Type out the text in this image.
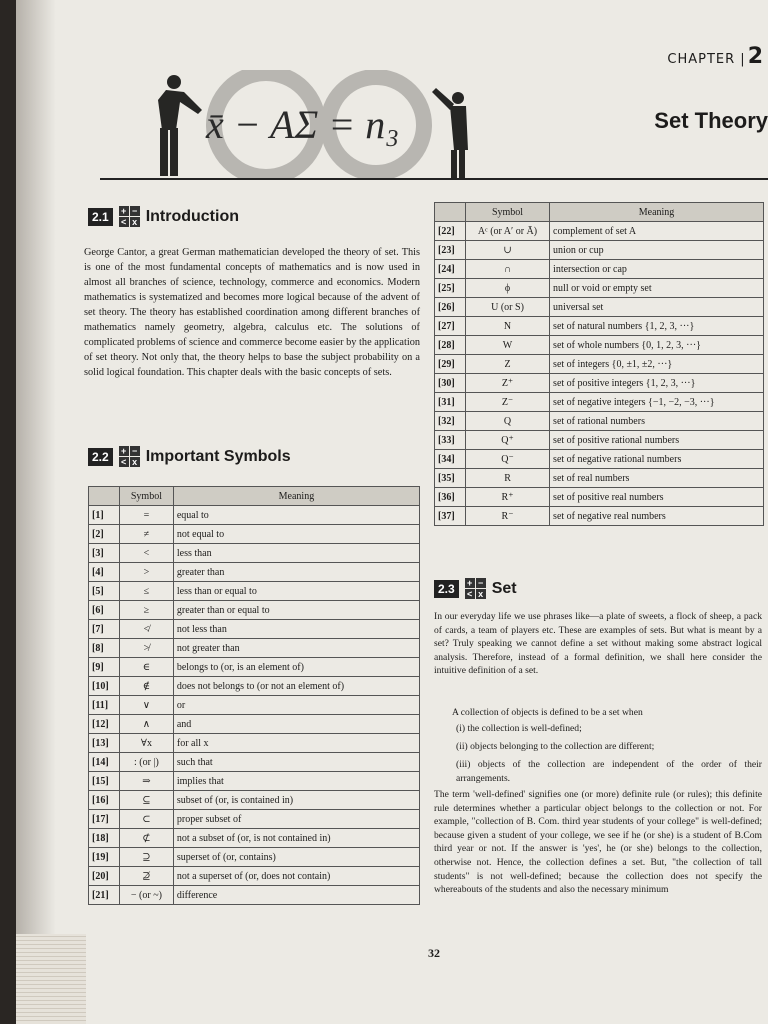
CHAPTER |2
Set Theory
x̄ − AΣ = n₃
2.1	+ −
< x Introduction
George Cantor, a great German mathematician developed the theory of set. This is one of the most fundamental concepts of mathematics and is now used in almost all branches of science, technology, commerce and economics. Modern mathematics is systematized and becomes more logical because of the advent of set theory. The theory has established coordination among different branches of mathematics namely geometry, algebra, calculus etc. The solutions of complicated problems of science and commerce become easier by the application of set theory. Not only that, the theory helps to base the subject probability on a solid logical foundation. This chapter deals with the basic concepts of sets.
2.2	+ −
< x Important Symbols
	Symbol	Meaning
[1]	=	equal to
[2]	≠	not equal to
[3]	<	less than
[4]	>	greater than
[5]	≤	less than or equal to
[6]	≥	greater than or equal to
[7]	≮	not less than
[8]	≯	not greater than
[9]	∈	belongs to (or, is an element of)
[10]	∉	does not belongs to (or not an element of)
[11]	∨	or
[12]	∧	and
[13]	∀x	for all x
[14]	: (or |)	such that
[15]	⇒	implies that
[16]	⊆	subset of (or, is contained in)
[17]	⊂	proper subset of
[18]	⊄	not a subset of (or, is not contained in)
[19]	⊇	superset of (or, contains)
[20]	⊉	not a superset of (or, does not contain)
[21]	− (or ~)	difference
	Symbol	Meaning
[22]	Aᶜ (or A′ or Ā)	complement of set A
[23]	∪	union or cup
[24]	∩	intersection or cap
[25]	ϕ	null or void or empty set
[26]	U (or S)	universal set
[27]	N	set of natural numbers {1, 2, 3, ···}
[28]	W	set of whole numbers {0, 1, 2, 3, ···}
[29]	Z	set of integers {0, ±1, ±2, ···}
[30]	Z⁺	set of positive integers {1, 2, 3, ···}
[31]	Z⁻	set of negative integers {−1, −2, −3, ···}
[32]	Q	set of rational numbers
[33]	Q⁺	set of positive rational numbers
[34]	Q⁻	set of negative rational numbers
[35]	R	set of real numbers
[36]	R⁺	set of positive real numbers
[37]	R⁻	set of negative real numbers
2.3	+ −
< x Set
In our everyday life we use phrases like—a plate of sweets, a flock of sheep, a pack of cards, a team of players etc. These are examples of sets. But what is meant by a set? Truly speaking we cannot define a set without making some abstract logical analysis. Therefore, instead of a formal definition, we shall here consider the intuitive definition of a set.
A collection of objects is defined to be a set when
(i) the collection is well-defined;
(ii) objects belonging to the collection are different;
(iii) objects of the collection are independent of the order of their arrangements.
The term 'well-defined' signifies one (or more) definite rule (or rules); this definite rule determines whether a particular object belongs to the collection or not. For example, "collection of B. Com. third year students of your college" is well-defined; because given a student of your college, we see if he (or she) is a student of B.Com third year or not. If the answer is 'yes', he (or she) belongs to the collection, otherwise not. Hence, the collection defines a set. But, "the collection of tall students" is not well-defined; because the collection does not specify the whereabouts of the students and also the necessary minimum
32
